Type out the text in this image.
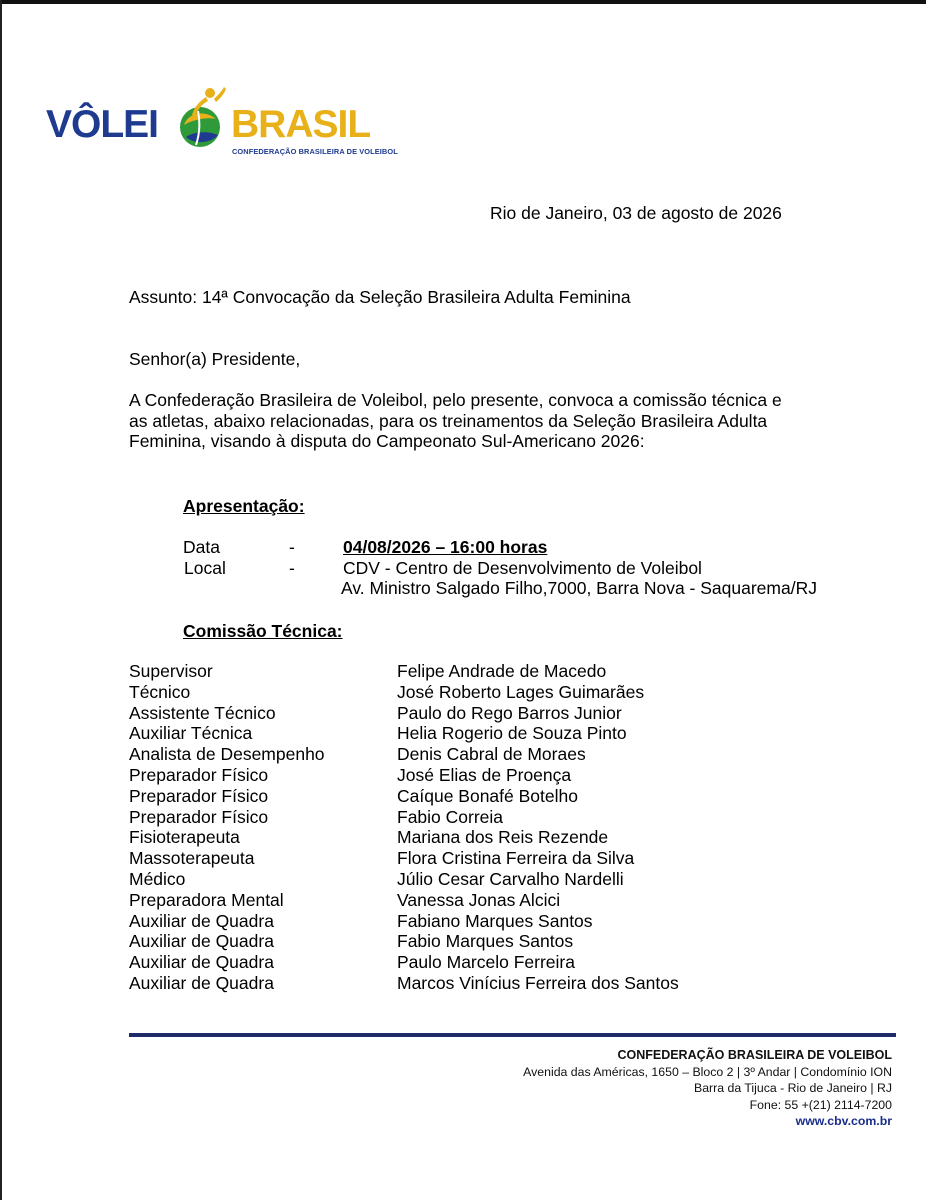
VÔLEI BRASIL
CONFEDERAÇÃO BRASILEIRA DE VOLEIBOL
Rio de Janeiro, 03 de agosto de 2026
Assunto: 14ª Convocação da Seleção Brasileira Adulta Feminina
Senhor(a) Presidente,
A Confederação Brasileira de Voleibol, pelo presente, convoca a comissão técnica e as atletas, abaixo relacionadas, para os treinamentos da Seleção Brasileira Adulta Feminina, visando à disputa do Campeonato Sul-Americano 2026:
Apresentação:
Data	-	04/08/2026 – 16:00 horas
Local	-	CDV - Centro de Desenvolvimento de Voleibol
Av. Ministro Salgado Filho,7000, Barra Nova - Saquarema/RJ
Comissão Técnica:
Supervisor	Felipe Andrade de Macedo
Técnico	José Roberto Lages Guimarães
Assistente Técnico	Paulo do Rego Barros Junior
Auxiliar Técnica	Helia Rogerio de Souza Pinto
Analista de Desempenho	Denis Cabral de Moraes
Preparador Físico	José Elias de Proença
Preparador Físico	Caíque Bonafé Botelho
Preparador Físico	Fabio Correia
Fisioterapeuta	Mariana dos Reis Rezende
Massoterapeuta	Flora Cristina Ferreira da Silva
Médico	Júlio Cesar Carvalho Nardelli
Preparadora Mental	Vanessa Jonas Alcici
Auxiliar de Quadra	Fabiano Marques Santos
Auxiliar de Quadra	Fabio Marques Santos
Auxiliar de Quadra	Paulo Marcelo Ferreira
Auxiliar de Quadra	Marcos Vinícius Ferreira dos Santos
CONFEDERAÇÃO BRASILEIRA DE VOLEIBOL
Avenida das Américas, 1650 – Bloco 2 | 3º Andar | Condomínio ION
Barra da Tijuca - Rio de Janeiro | RJ
Fone: 55 +(21) 2114-7200
www.cbv.com.br
